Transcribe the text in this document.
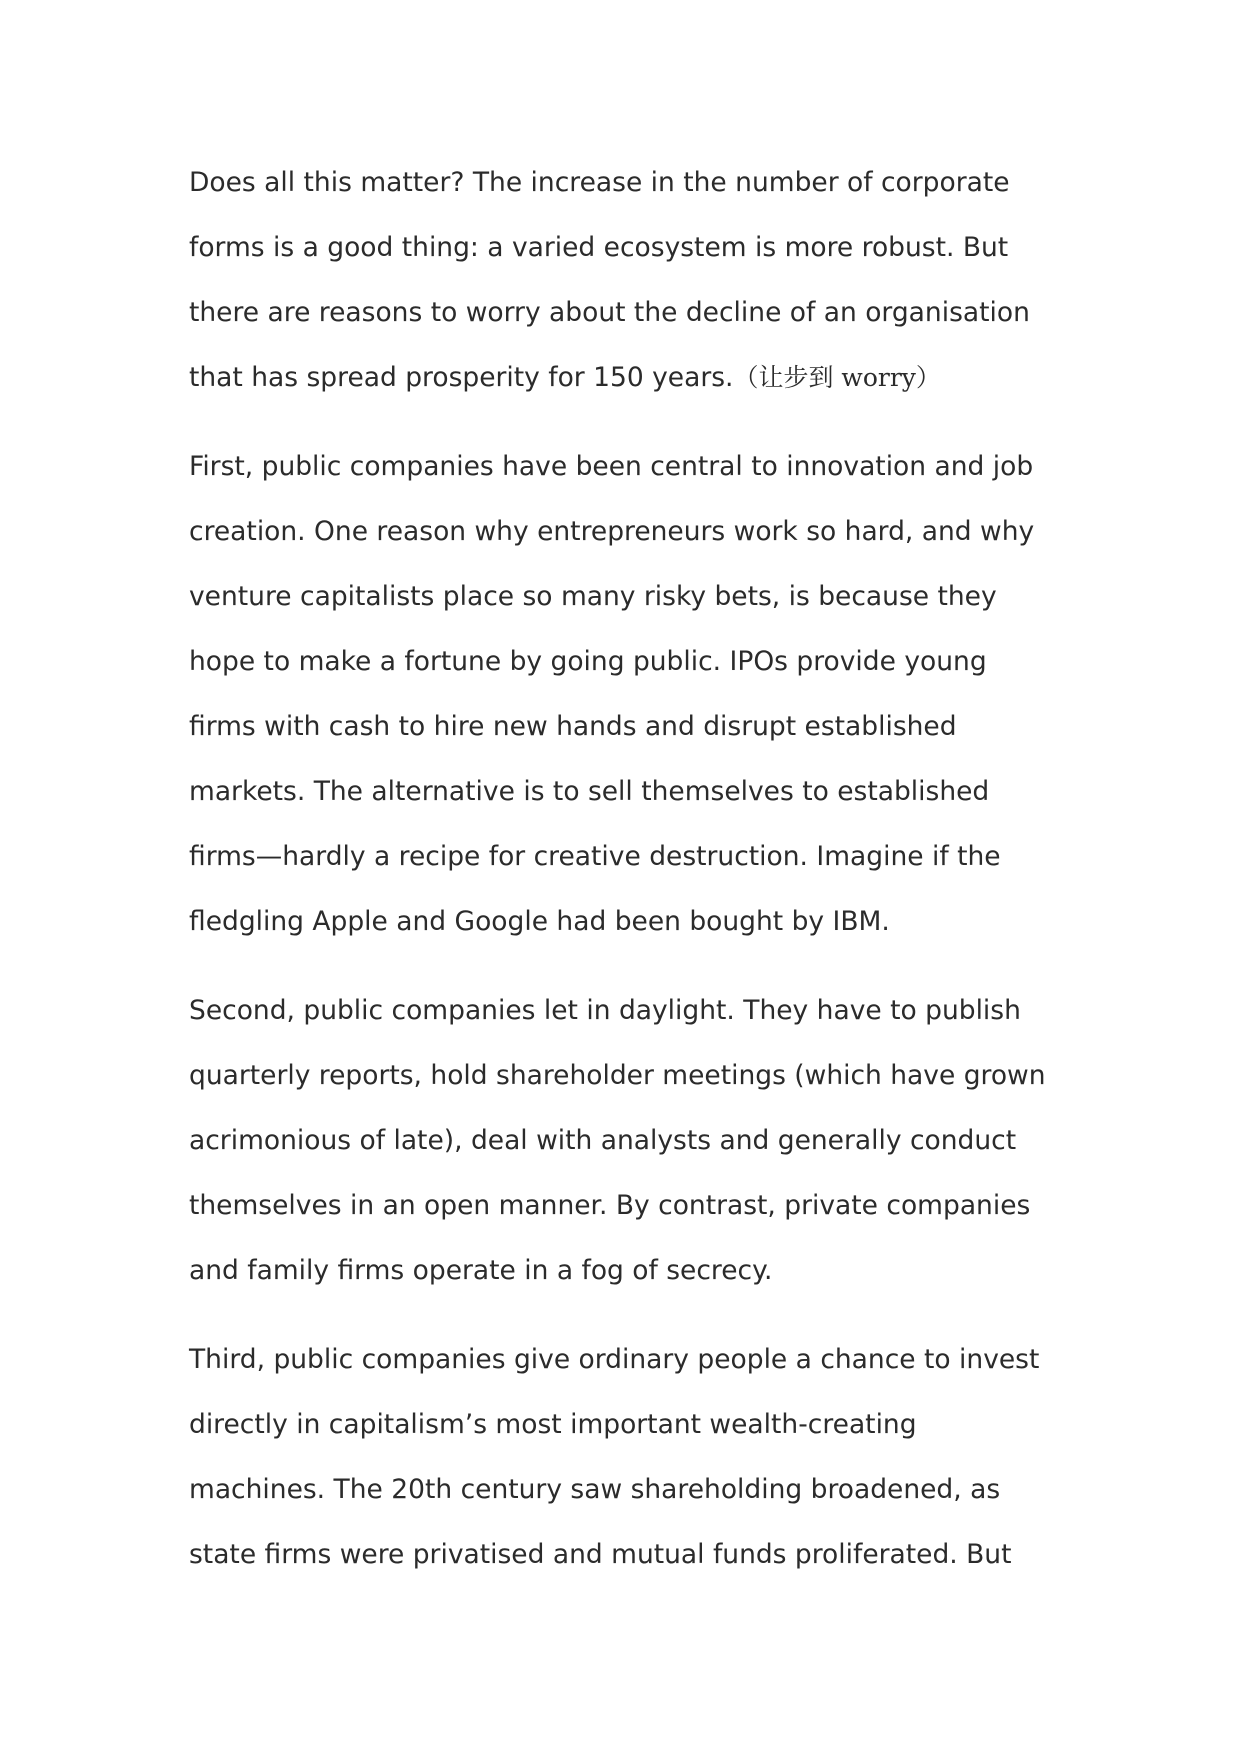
Does all this matter? The increase in the number of corporate
forms is a good thing: a varied ecosystem is more robust. But
there are reasons to worry about the decline of an organisation
that has spread prosperity for 150 years.（让步到 worry）

First, public companies have been central to innovation and job
creation. One reason why entrepreneurs work so hard, and why
venture capitalists place so many risky bets, is because they
hope to make a fortune by going public. IPOs provide young
firms with cash to hire new hands and disrupt established
markets. The alternative is to sell themselves to established
firms—hardly a recipe for creative destruction. Imagine if the
fledgling Apple and Google had been bought by IBM.

Second, public companies let in daylight. They have to publish
quarterly reports, hold shareholder meetings (which have grown
acrimonious of late), deal with analysts and generally conduct
themselves in an open manner. By contrast, private companies
and family firms operate in a fog of secrecy.

Third, public companies give ordinary people a chance to invest
directly in capitalism’s most important wealth-creating
machines. The 20th century saw shareholding broadened, as
state firms were privatised and mutual funds proliferated. But
